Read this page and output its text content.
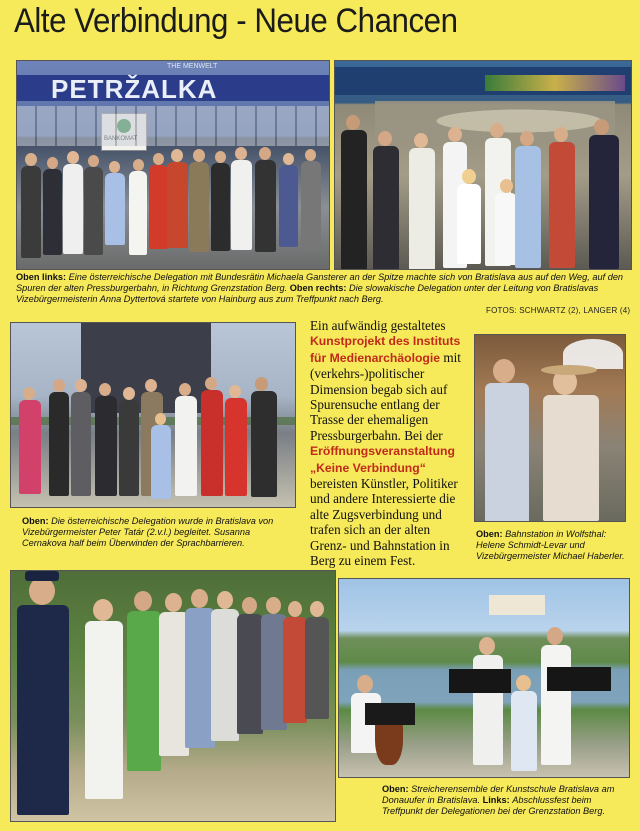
Alte Verbindung - Neue Chancen
PETRŽALKA
THE MENWELT

Oben links: Eine österreichische Delegation mit Bundesrätin Michaela Gansterer an der Spitze machte sich von Bratislava aus auf den Weg, auf den Spuren der alten Pressburgerbahn, in Richtung Grenzstation Berg. Oben rechts: Die slowakische Delegation unter der Leitung von Bratislavas Vizebürgermeisterin Anna Dyttertová startete von Hainburg aus zum Treffpunkt nach Berg.

FOTOS: SCHWARTZ (2), LANGER (4)

Oben: Die österreichische Delegation wurde in Bratislava von Vizebürgermeister Peter Tatár (2.v.l.) begleitet. Susanna Cernakova half beim Überwinden der Sprachbarrieren.

Ein aufwändig gestaltetes Kunstprojekt des Instituts für Medienarchäologie mit (verkehrs-)politischer Dimension begab sich auf Spurensuche entlang der Trasse der ehemaligen Pressburgerbahn. Bei der Eröffnungsveranstaltung „Keine Verbindung“ bereisten Künstler, Politiker und andere Interessierte die alte Zugsverbindung und trafen sich an der alten Grenz- und Bahnstation in Berg zu einem Fest.

Oben: Bahnstation in Wolfsthal: Helene Schmidt-Levar und Vizebürgermeister Michael Haberler.

Oben: Streicherensemble der Kunstschule Bratislava am Donauufer in Bratislava. Links: Abschlussfest beim Treffpunkt der Delegationen bei der Grenzstation Berg.
